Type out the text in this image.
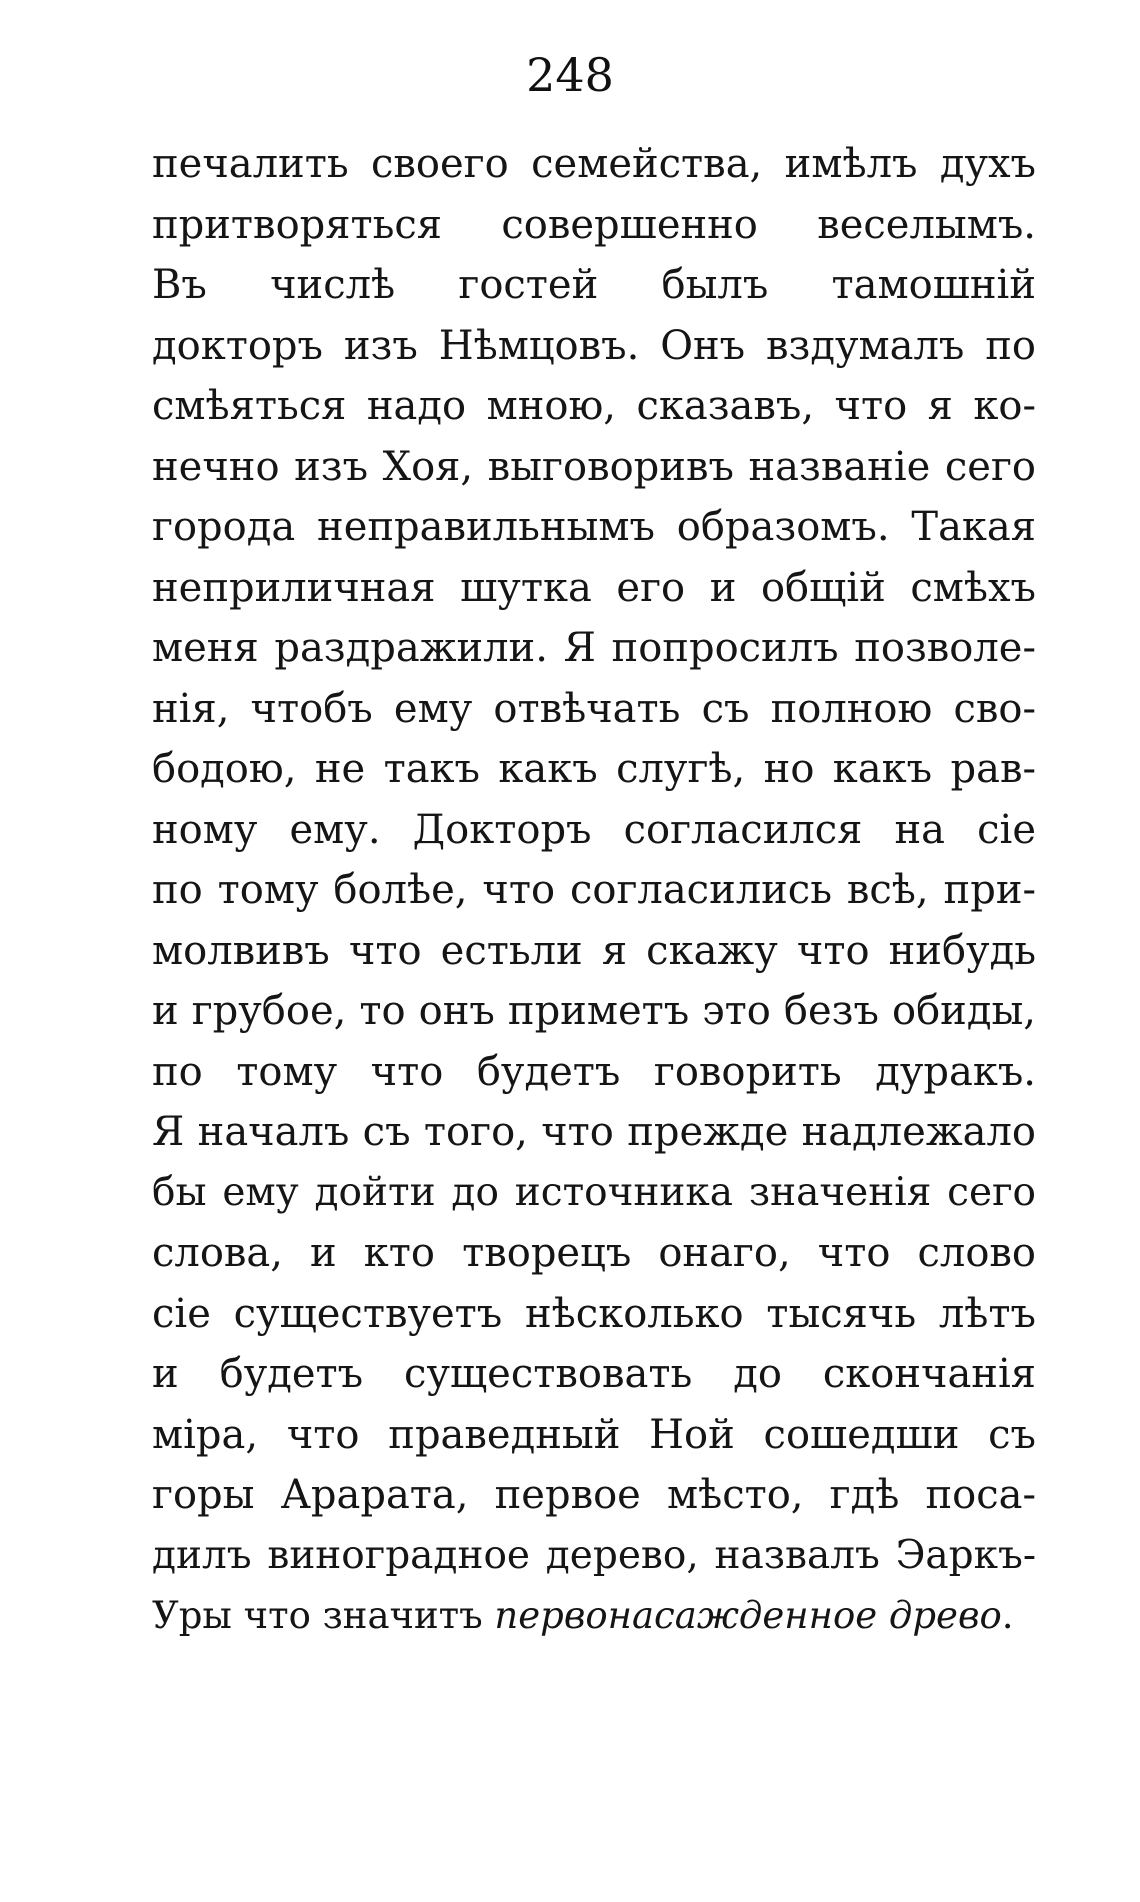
248
печалить своего семейства, имѣлъ духъ
притворяться совершенно веселымъ.
Въ числѣ гостей былъ тамошній
докторъ изъ Нѣмцовъ. Онъ вздумалъ по
смѣяться надо мною, сказавъ, что я ко-
нечно изъ Хоя, выговоривъ названіе сего
города неправильнымъ образомъ. Такая
неприличная шутка его и общій смѣхъ
меня раздражили. Я попросилъ позволе-
нія, чтобъ ему отвѣчать съ полною сво-
бодою, не такъ какъ слугѣ, но какъ рав-
ному ему. Докторъ согласился на сіе
по тому болѣе, что согласились всѣ, при-
молвивъ что естьли я скажу что нибудь
и грубое, то онъ приметъ это безъ обиды,
по тому что будетъ говорить дуракъ.
Я началъ съ того, что прежде надлежало
бы ему дойти до источника значенія сего
слова, и кто творецъ онаго, что слово
сіе существуетъ нѣсколько тысячь лѣтъ
и будетъ существовать до скончанія
міра, что праведный Ной сошедши съ
горы Арарата, первое мѣсто, гдѣ поса-
дилъ виноградное дерево, назвалъ Эаркъ-
Уры что значитъ первонасажденное древо.
